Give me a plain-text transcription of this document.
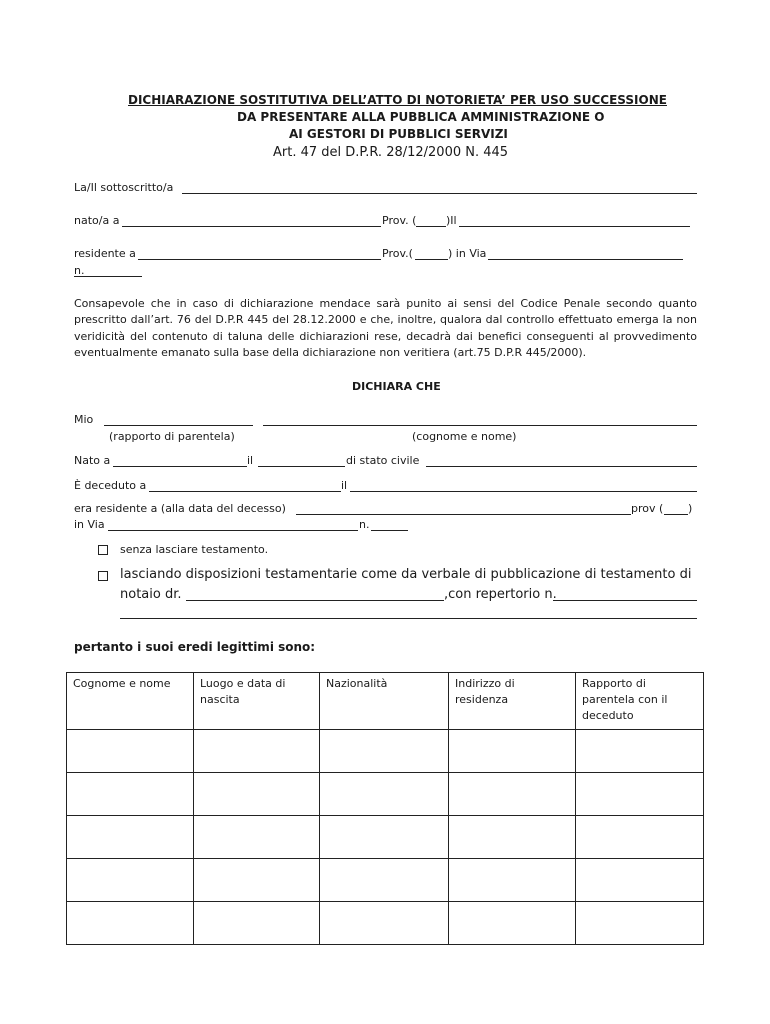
DICHIARAZIONE SOSTITUTIVA DELL’ATTO DI NOTORIETA’ PER USO SUCCESSIONE
DA PRESENTARE ALLA PUBBLICA AMMINISTRAZIONE O
AI GESTORI DI PUBBLICI SERVIZI
Art. 47 del D.P.R. 28/12/2000 N. 445
La/Il sottoscritto/a
nato/a a	Prov. (	)Il
residente a	Prov.(	) in Via
n.
Consapevole che in caso di dichiarazione mendace sarà punito ai sensi del Codice Penale secondo quanto prescritto dall’art. 76 del D.P.R 445 del 28.12.2000 e che, inoltre, qualora dal controllo effettuato emerga la non veridicità del contenuto di taluna delle dichiarazioni rese, decadrà dai benefici conseguenti al provvedimento eventualmente emanato sulla base della dichiarazione non veritiera (art.75 D.P.R 445/2000).
DICHIARA CHE
Mio
(rapporto di parentela)	(cognome e nome)
Nato a	il	di stato civile
È deceduto a	il
era residente a (alla data del decesso)	prov ( )
in Via	n.
senza lasciare testamento.
lasciando disposizioni testamentarie come da verbale di pubblicazione di testamento di
notaio dr.	,con repertorio n.
pertanto i suoi eredi legittimi sono:
Cognome e nome	Luogo e data di nascita	Nazionalità	Indirizzo di residenza	Rapporto di parentela con il deceduto
